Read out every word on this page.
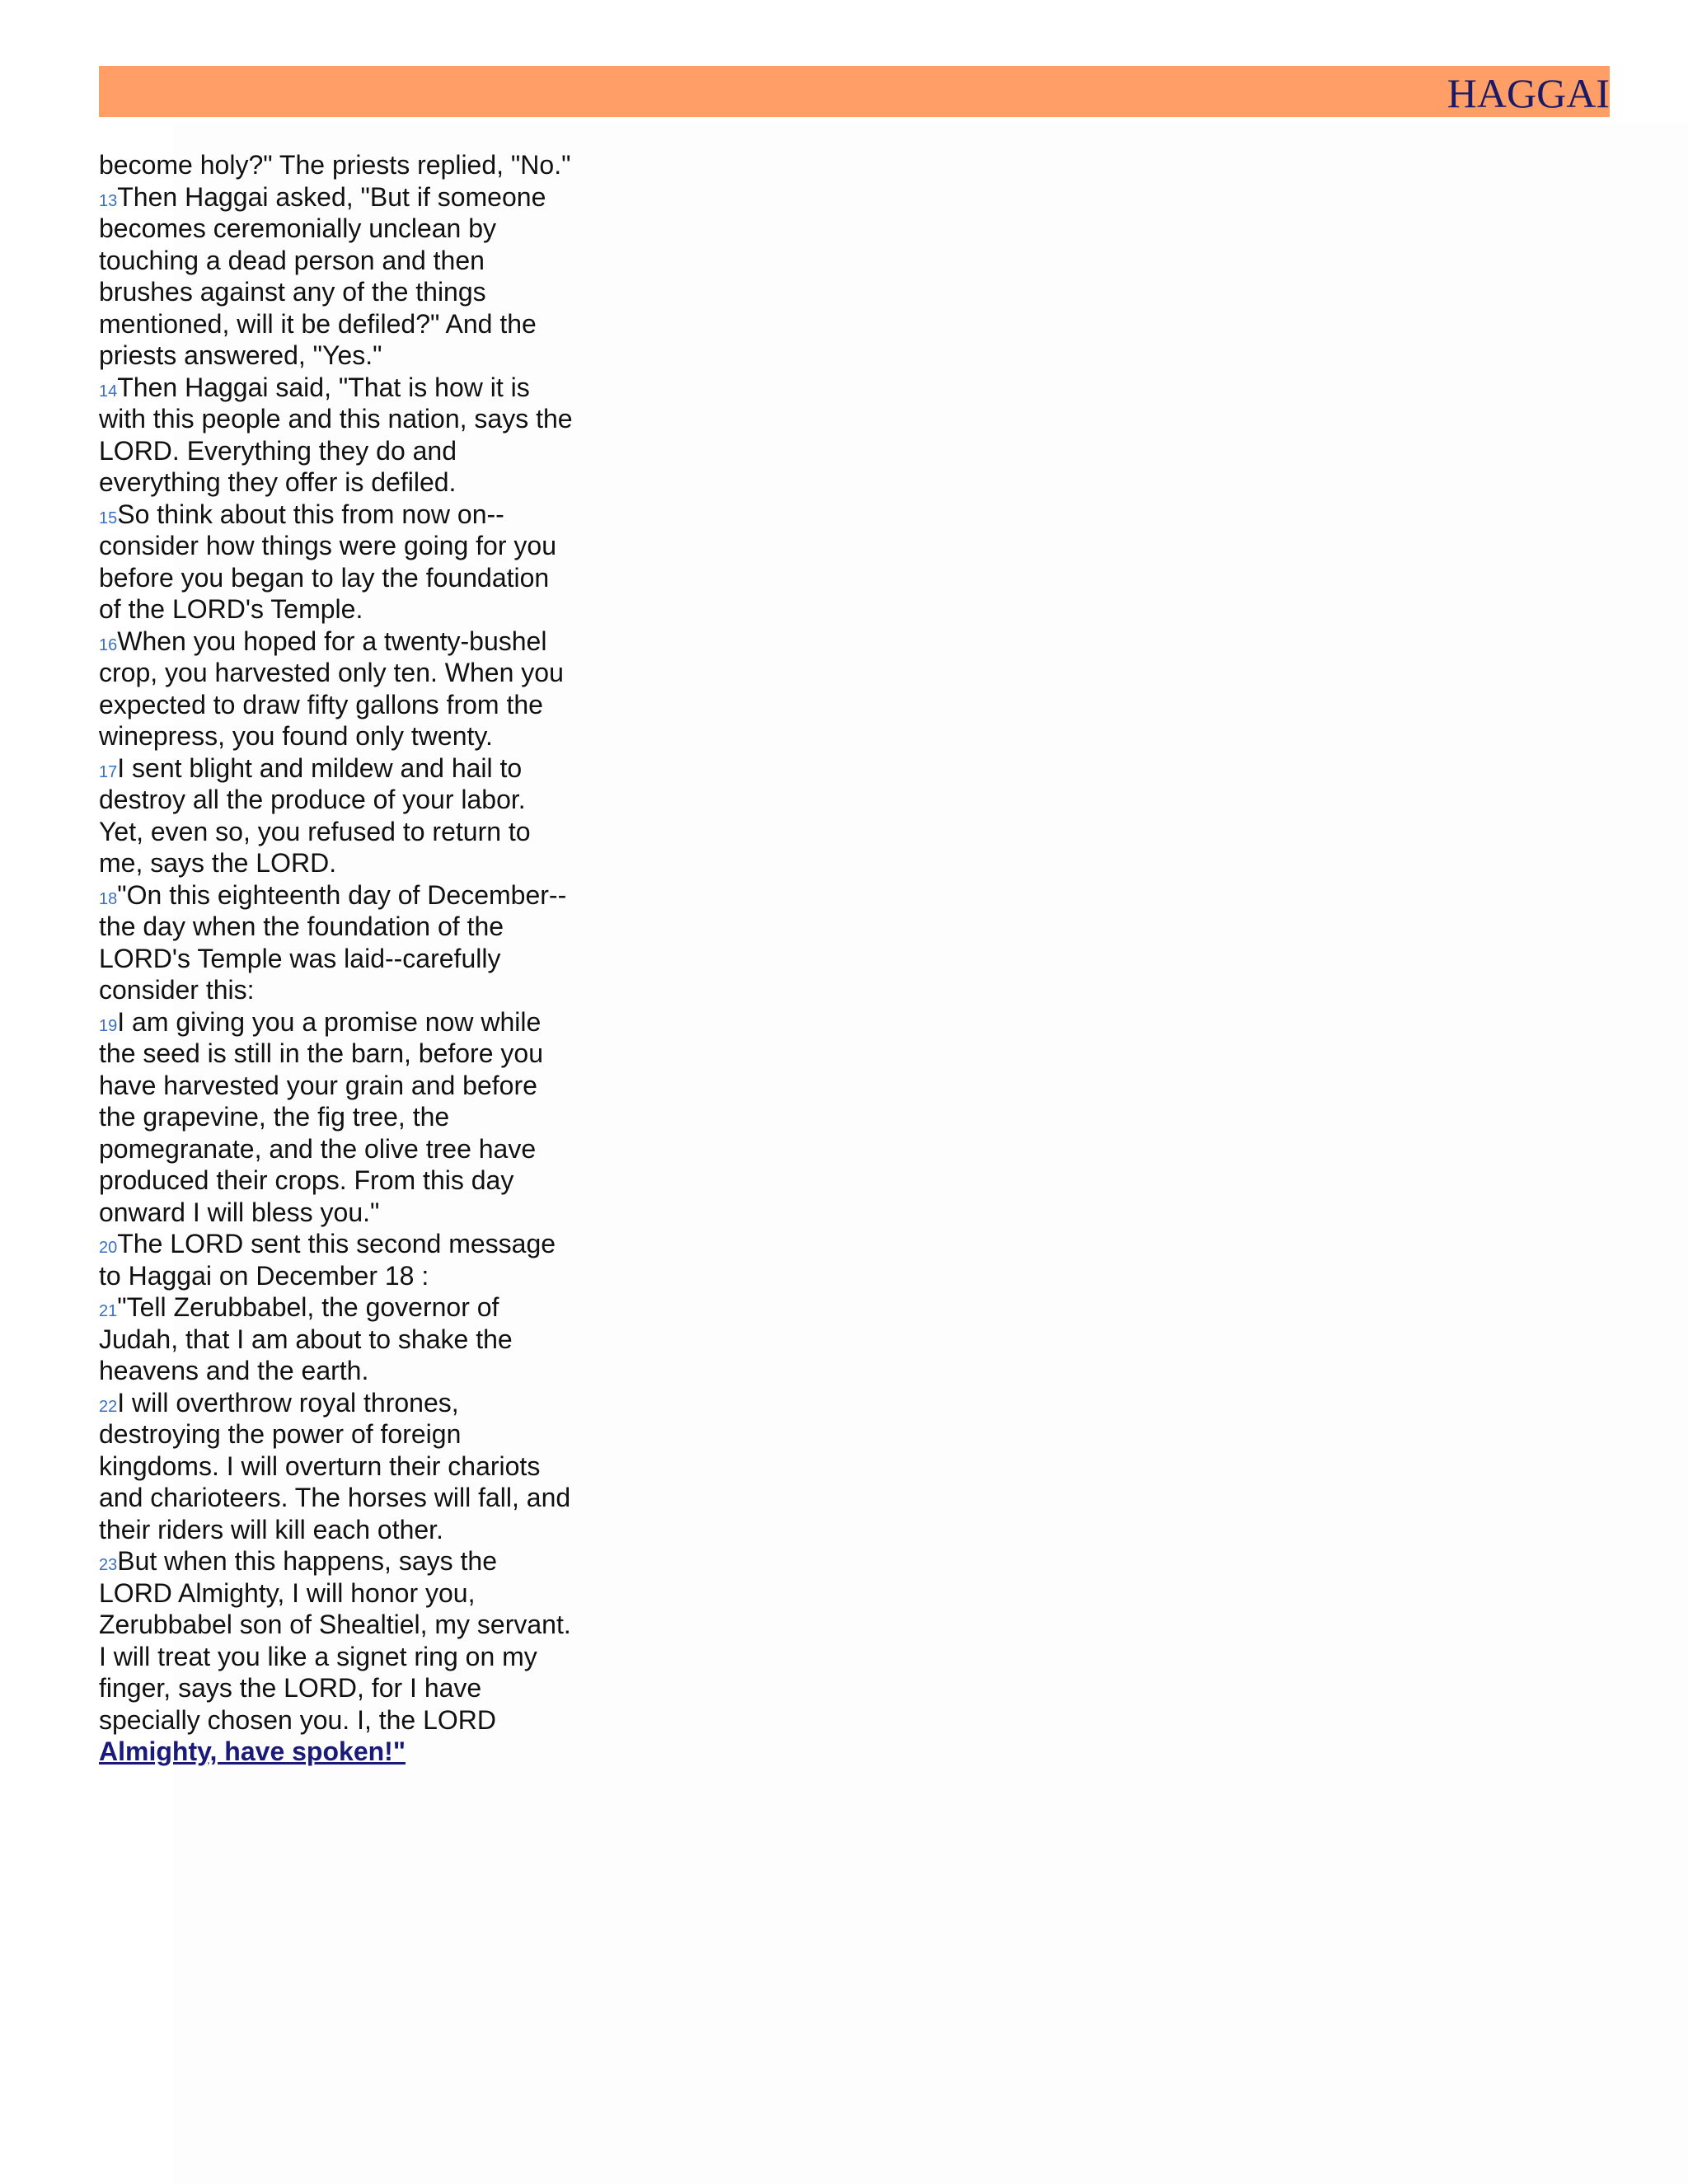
HAGGAI
become holy?" The priests replied, "No."
13Then Haggai asked, "But if someone
becomes ceremonially unclean by
touching a dead person and then
brushes against any of the things
mentioned, will it be defiled?" And the
priests answered, "Yes."
14Then Haggai said, "That is how it is
with this people and this nation, says the
LORD. Everything they do and
everything they offer is defiled.
15So think about this from now on--
consider how things were going for you
before you began to lay the foundation
of the LORD's Temple.
16When you hoped for a twenty-bushel
crop, you harvested only ten. When you
expected to draw fifty gallons from the
winepress, you found only twenty.
17I sent blight and mildew and hail to
destroy all the produce of your labor.
Yet, even so, you refused to return to
me, says the LORD.
18"On this eighteenth day of December--
the day when the foundation of the
LORD's Temple was laid--carefully
consider this:
19I am giving you a promise now while
the seed is still in the barn, before you
have harvested your grain and before
the grapevine, the fig tree, the
pomegranate, and the olive tree have
produced their crops. From this day
onward I will bless you."
20The LORD sent this second message
to Haggai on December 18 :
21"Tell Zerubbabel, the governor of
Judah, that I am about to shake the
heavens and the earth.
22I will overthrow royal thrones,
destroying the power of foreign
kingdoms. I will overturn their chariots
and charioteers. The horses will fall, and
their riders will kill each other.
23But when this happens, says the
LORD Almighty, I will honor you,
Zerubbabel son of Shealtiel, my servant.
I will treat you like a signet ring on my
finger, says the LORD, for I have
specially chosen you. I, the LORD
Almighty, have spoken!"
